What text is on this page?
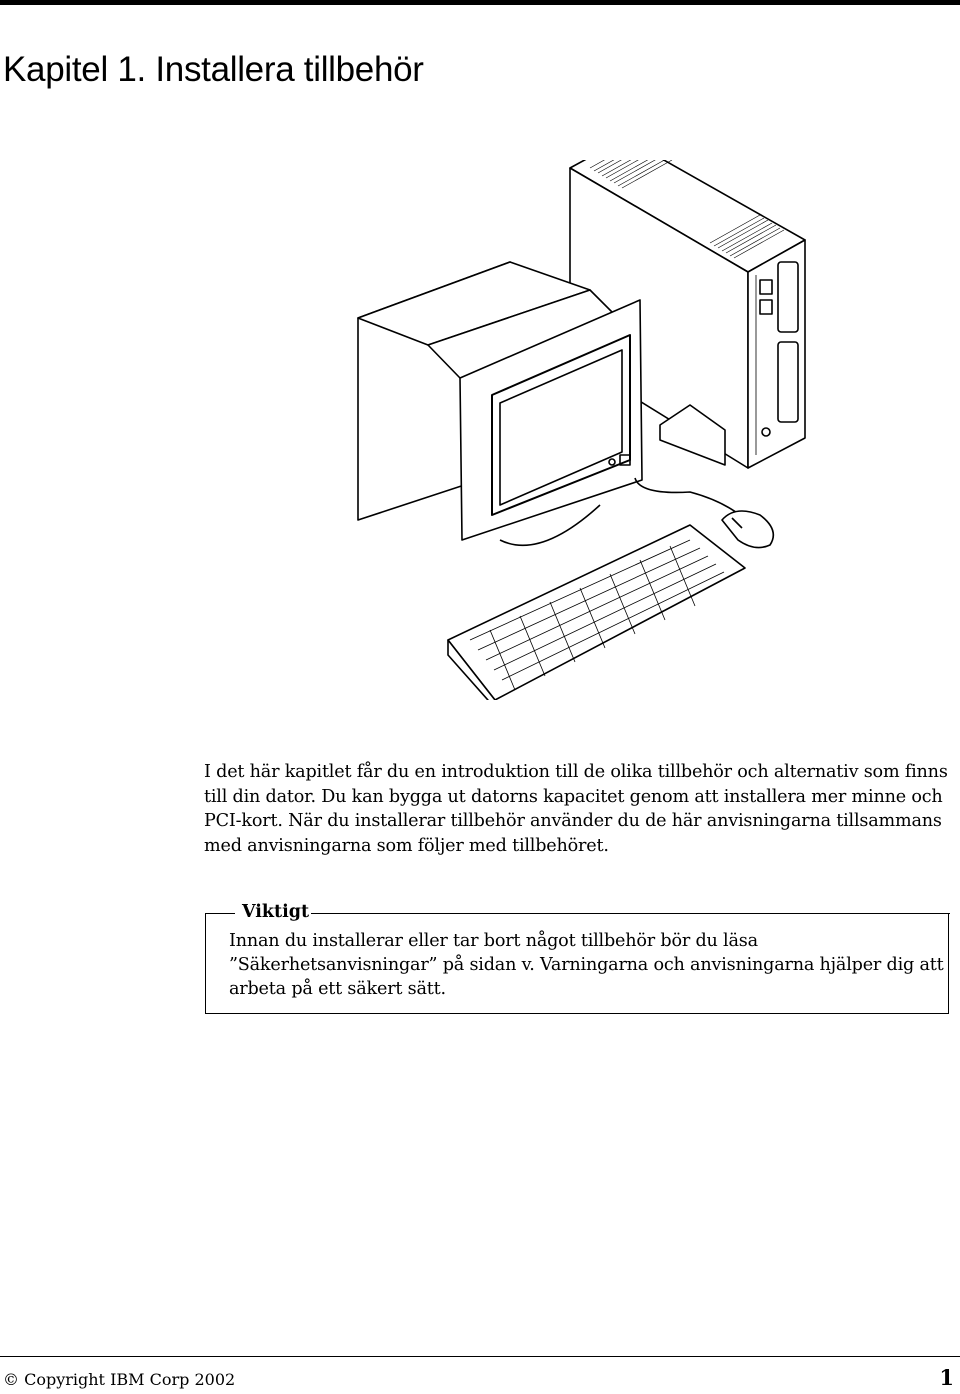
Kapitel 1. Installera tillbehör

I det här kapitlet får du en introduktion till de olika tillbehör och alternativ som finns till din dator. Du kan bygga ut datorns kapacitet genom att installera mer minne och PCI-kort. När du installerar tillbehör använder du de här anvisningarna tillsammans med anvisningarna som följer med tillbehöret.

Viktigt

Innan du installerar eller tar bort något tillbehör bör du läsa ”Säkerhetsanvisningar” på sidan v. Varningarna och anvisningarna hjälper dig att arbeta på ett säkert sätt.

© Copyright IBM Corp 2002	1
